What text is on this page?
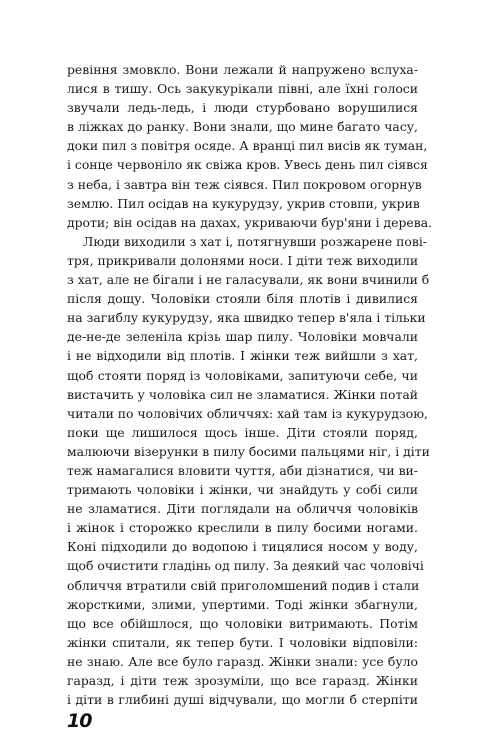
ревіння змовкло. Вони лежали й напружено вслуха-
лися в тишу. Ось закукурікали півні, але їхні голоси
звучали ледь-ледь, і люди стурбовано ворушилися
в ліжках до ранку. Вони знали, що мине багато часу,
доки пил з повітря осяде. А вранці пил висів як туман,
і сонце червоніло як свіжа кров. Увесь день пил сіявся
з неба, і завтра він теж сіявся. Пил покровом огорнув
землю. Пил осідав на кукурудзу, укрив стовпи, укрив
дроти; він осідав на дахах, укриваючи бур'яни і дерева.
Люди виходили з хат і, потягнувши розжарене пові-
тря, прикривали долонями носи. І діти теж виходили
з хат, але не бігали і не галасували, як вони вчинили б
після дощу. Чоловіки стояли біля плотів і дивилися
на загиблу кукурудзу, яка швидко тепер в'яла і тільки
де-не-де зеленіла крізь шар пилу. Чоловіки мовчали
і не відходили від плотів. І жінки теж вийшли з хат,
щоб стояти поряд із чоловіками, запитуючи себе, чи
вистачить у чоловіка сил не зламатися. Жінки потай
читали по чоловічих обличчях: хай там із кукурудзою,
поки ще лишилося щось інше. Діти стояли поряд,
малюючи візерунки в пилу босими пальцями ніг, і діти
теж намагалися вловити чуття, аби дізнатися, чи ви-
тримають чоловіки і жінки, чи знайдуть у собі сили
не зламатися. Діти поглядали на обличчя чоловіків
і жінок і сторожко креслили в пилу босими ногами.
Коні підходили до водопою і тицялися носом у воду,
щоб очистити гладінь од пилу. За деякий час чоловічі
обличчя втратили свій приголомшений подив і стали
жорсткими, злими, упертими. Тоді жінки збагнули,
що все обійшлося, що чоловіки витримають. Потім
жінки спитали, як тепер бути. І чоловіки відповіли:
не знаю. Але все було гаразд. Жінки знали: усе було
гаразд, і діти теж зрозуміли, що все гаразд. Жінки
і діти в глибині душі відчували, що могли б стерпіти
10
